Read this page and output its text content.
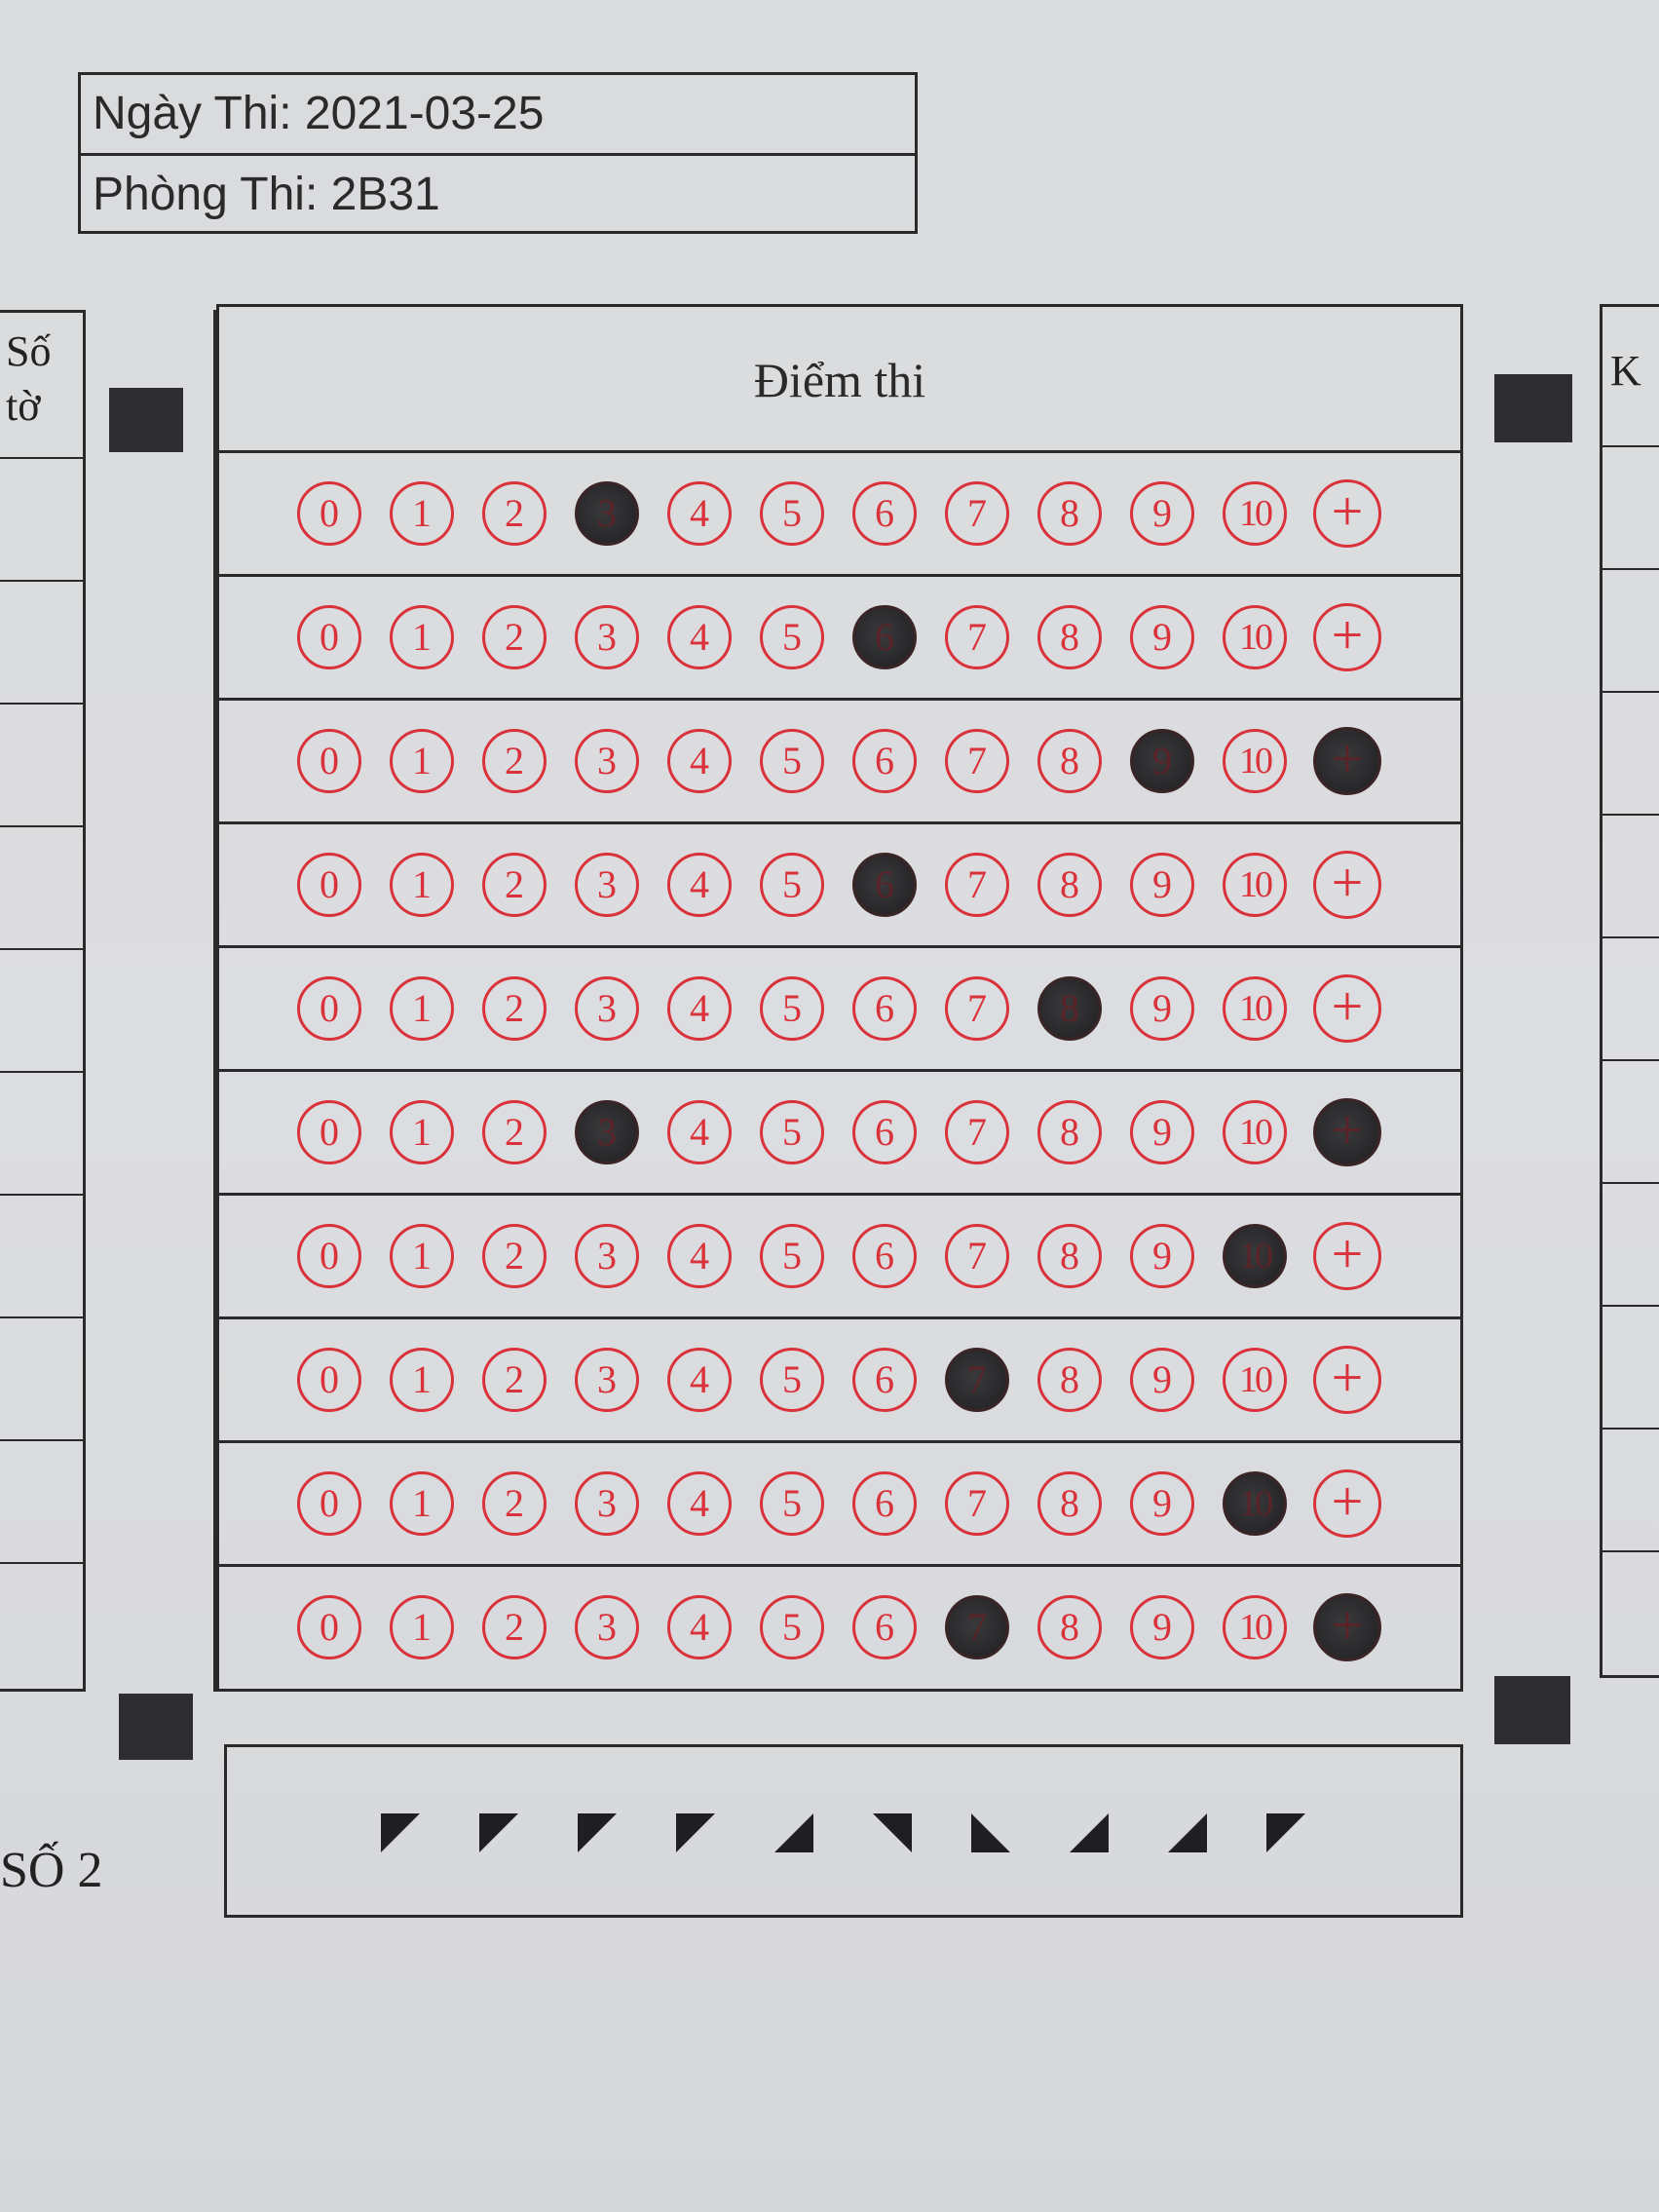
Ngày Thi: 2021-03-25
Phòng Thi: 2B31
Số
tờ
SỐ 2
Điểm thi
0	1	2	3	4	5	6	7	8	9	10	+
0	1	2	3	4	5	6	7	8	9	10	+
0	1	2	3	4	5	6	7	8	9	10	+
0	1	2	3	4	5	6	7	8	9	10	+
0	1	2	3	4	5	6	7	8	9	10	+
0	1	2	3	4	5	6	7	8	9	10	+
0	1	2	3	4	5	6	7	8	9	10	+
0	1	2	3	4	5	6	7	8	9	10	+
0	1	2	3	4	5	6	7	8	9	10	+
0	1	2	3	4	5	6	7	8	9	10	+
K
